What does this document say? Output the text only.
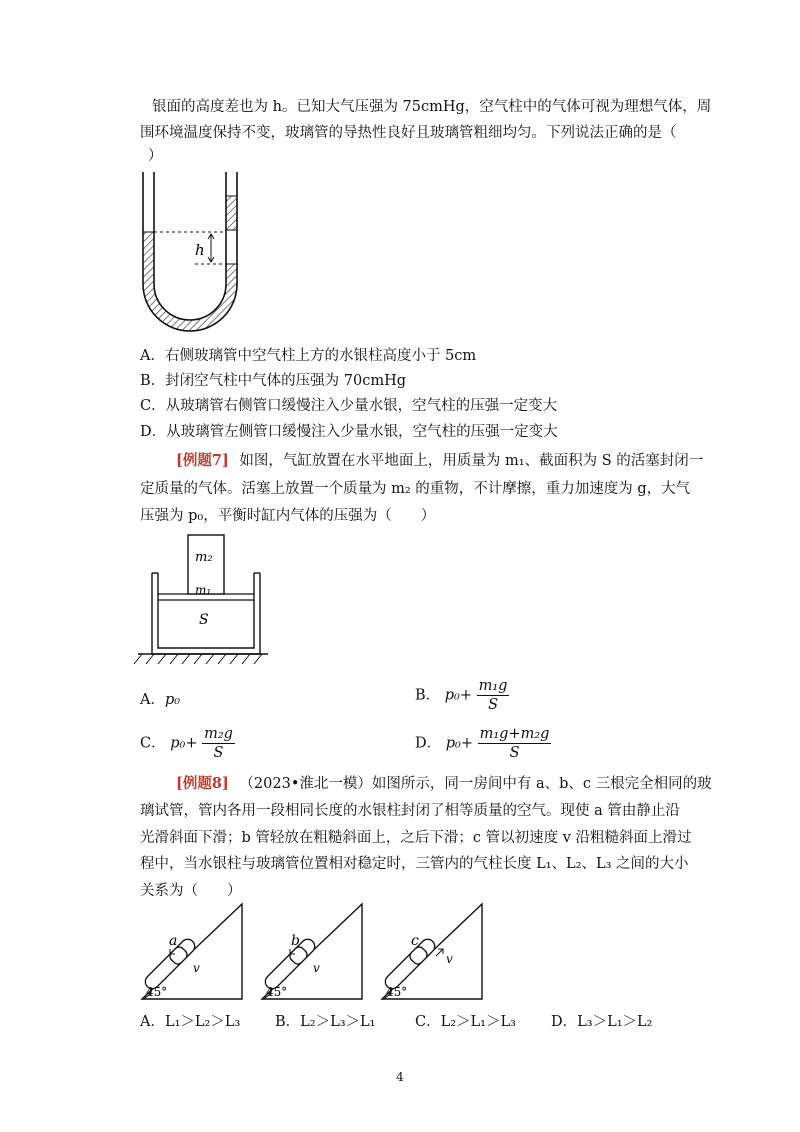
银面的高度差也为 h。已知大气压强为 75cmHg，空气柱中的气体可视为理想气体，周
围环境温度保持不变，玻璃管的导热性良好且玻璃管粗细均匀。下列说法正确的是（
）
h
A．右侧玻璃管中空气柱上方的水银柱高度小于 5cm
B．封闭空气柱中气体的压强为 70cmHg
C．从玻璃管右侧管口缓慢注入少量水银，空气柱的压强一定变大
D．从玻璃管左侧管口缓慢注入少量水银，空气柱的压强一定变大
[例题7] 如图，气缸放置在水平地面上，用质量为 m₁、截面积为 S 的活塞封闭一
定质量的气体。活塞上放置一个质量为 m₂ 的重物，不计摩擦，重力加速度为 g，大气
压强为 p₀，平衡时缸内气体的压强为（　　）
m₂
m₁
S
A．p₀	B． $p_0+ \frac{\text{m₁g}}{S}$
C． $p_0+ \frac{\text{m₂g}}{S}$	D． $p_0+ \frac{\text{m₁g+m₂g}}{S}$
[例题8] （2023•淮北一模）如图所示，同一房间中有 a、b、c 三根完全相同的玻
璃试管，管内各用一段相同长度的水银柱封闭了相等质量的空气。现使 a 管由静止沿
光滑斜面下滑；b 管轻放在粗糙斜面上，之后下滑；c 管以初速度 v 沿粗糙斜面上滑过
程中，当水银柱与玻璃管位置相对稳定时，三管内的气柱长度 L₁、L₂、L₃ 之间的大小
关系为（　　）
a
v
45°
b
v
45°
c
v
45°
A．L₁＞L₂＞L₃ B．L₂＞L₃＞L₁	C．L₂＞L₁＞L₃ D．L₃＞L₁＞L₂
4
